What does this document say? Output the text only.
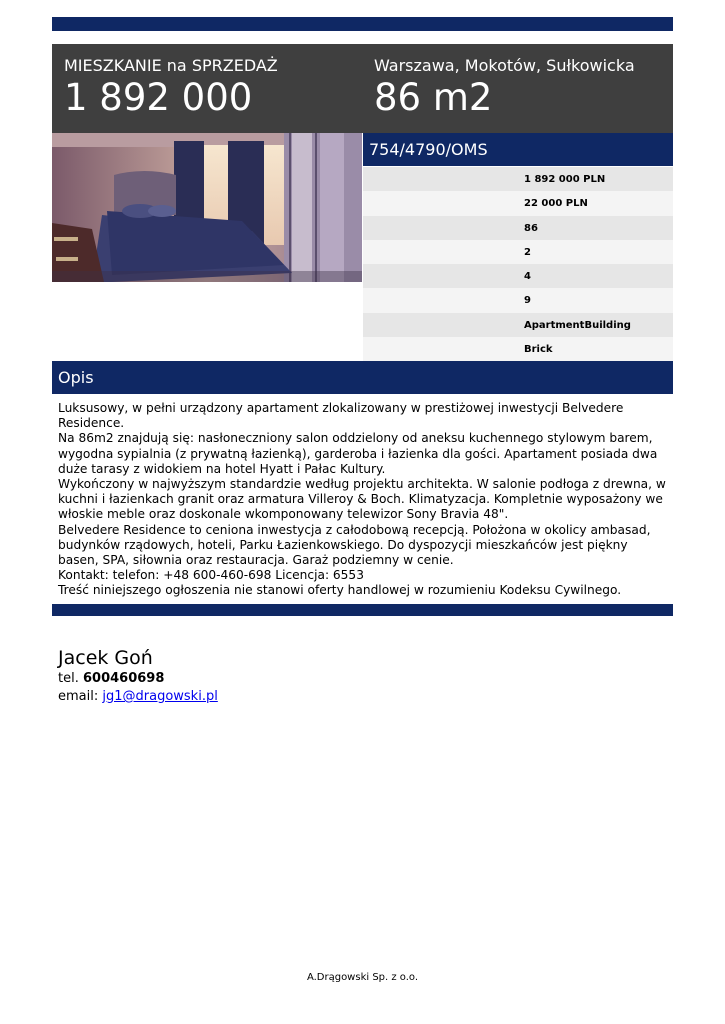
MIESZKANIE na SPRZEDAŻ
1 892 000
Warszawa, Mokotów, Sułkowicka
86 m2
754/4790/OMS
1 892 000 PLN
22 000 PLN
86
2
4
9
ApartmentBuilding
Brick
Opis

Luksusowy, w pełni urządzony apartament zlokalizowany w prestiżowej inwestycji Belvedere Residence.

Na 86m2 znajdują się: nasłoneczniony salon oddzielony od aneksu kuchennego stylowym barem, wygodna sypialnia (z prywatną łazienką), garderoba i łazienka dla gości. Apartament posiada dwa duże tarasy z widokiem na hotel Hyatt i Pałac Kultury.

Wykończony w najwyższym standardzie według projektu architekta. W salonie podłoga z drewna, w kuchni i łazienkach granit oraz armatura Villeroy & Boch. Klimatyzacja. Kompletnie wyposażony we włoskie meble oraz doskonale wkomponowany telewizor Sony Bravia 48".

Belvedere Residence to ceniona inwestycja z całodobową recepcją. Położona w okolicy ambasad, budynków rządowych, hoteli, Parku Łazienkowskiego. Do dyspozycji mieszkańców jest piękny basen, SPA, siłownia oraz restauracja. Garaż podziemny w cenie.

Kontakt: telefon: +48 600-460-698 Licencja: 6553

Treść niniejszego ogłoszenia nie stanowi oferty handlowej w rozumieniu Kodeksu Cywilnego.

Jacek Goń
tel. 600460698
email: jg1@dragowski.pl
A.Drągowski Sp. z o.o.
